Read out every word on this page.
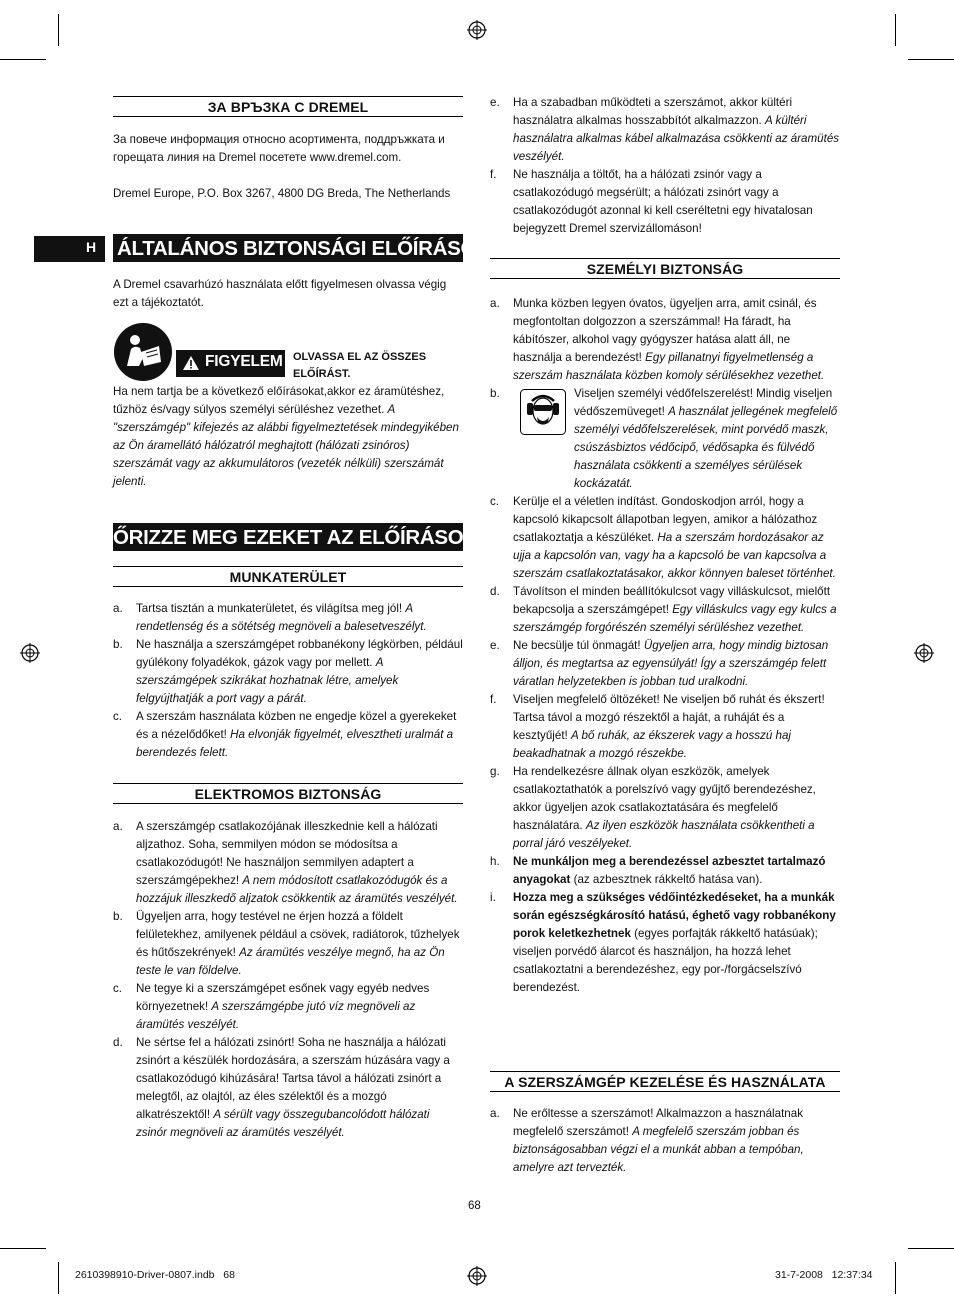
ЗА ВРЪЗКА С DREMEL

За повече информация относно асортимента, поддръжката и горещата линия на Dremel посетете www.dremel.com.

Dremel Europe, P.O. Box 3267, 4800 DG Breda, The Netherlands

H ÁLTALÁNOS BIZTONSÁGI ELŐÍRÁSOK

A Dremel csavarhúzó használata előtt figyelmesen olvassa végig ezt a tájékoztatót.

FIGYELEM OLVASSA EL AZ ÖSSZES ELŐÍRÁST.

Ha nem tartja be a következő előírásokat,akkor ez áramütéshez, tűzhöz és/vagy súlyos személyi sérüléshez vezethet. A "szerszámgép" kifejezés az alábbi figyelmeztetések mindegyikében az Ön áramellátó hálózatról meghajtott (hálózati zsinóros) szerszámát vagy az akkumulátoros (vezeték nélküli) szerszámát jelenti.

ŐRIZZE MEG EZEKET AZ ELŐÍRÁSOKAT
MUNKATERÜLET
a. Tartsa tisztán a munkaterületet, és világítsa meg jól! A rendetlenség és a sötétség megnöveli a balesetveszélyt.

b. Ne használja a szerszámgépet robbanékony légkörben, például gyúlékony folyadékok, gázok vagy por mellett. A szerszámgépek szikrákat hozhatnak létre, amelyek felgyújthatják a port vagy a párát.

c. A szerszám használata közben ne engedje közel a gyerekeket és a nézelődőket! Ha elvonják figyelmét, elvesztheti uralmát a berendezés felett.

ELEKTROMOS BIZTONSÁG
a. A szerszámgép csatlakozójának illeszkednie kell a hálózati aljzathoz. Soha, semmilyen módon se módosítsa a csatlakozódugót! Ne használjon semmilyen adaptert a szerszámgépekhez! A nem módosított csatlakozódugók és a hozzájuk illeszkedő aljzatok csökkentik az áramütés veszélyét.

b. Ügyeljen arra, hogy testével ne érjen hozzá a földelt felületekhez, amilyenek például a csövek, radiátorok, tűzhelyek és hűtőszekrények! Az áramütés veszélye megnő, ha az Ön teste le van földelve.

c. Ne tegye ki a szerszámgépet esőnek vagy egyéb nedves környezetnek! A szerszámgépbe jutó víz megnöveli az áramütés veszélyét.

d. Ne sértse fel a hálózati zsinórt! Soha ne használja a hálózati zsinórt a készülék hordozására, a szerszám húzására vagy a csatlakozódugó kihúzására! Tartsa távol a hálózati zsinórt a melegtől, az olajtól, az éles szélektől és a mozgó alkatrészektől! A sérült vagy összegubancolódott hálózati zsinór megnöveli az áramütés veszélyét.

e. Ha a szabadban működteti a szerszámot, akkor kültéri használatra alkalmas hosszabbítót alkalmazzon. A kültéri használatra alkalmas kábel alkalmazása csökkenti az áramütés veszélyét.

f. Ne használja a töltőt, ha a hálózati zsinór vagy a csatlakozódugó megsérült; a hálózati zsinórt vagy a csatlakozódugót azonnal ki kell cseréltetni egy hivatalosan bejegyzett Dremel szervizállomáson!

SZEMÉLYI BIZTONSÁG
a. Munka közben legyen óvatos, ügyeljen arra, amit csinál, és megfontoltan dolgozzon a szerszámmal! Ha fáradt, ha kábítószer, alkohol vagy gyógyszer hatása alatt áll, ne használja a berendezést! Egy pillanatnyi figyelmetlenség a szerszám használata közben komoly sérülésekhez vezethet.

b.	Viseljen személyi védőfelszerelést! Mindig viseljen védőszemüveget! A használat jellegének megfelelő személyi védőfelszerelések, mint porvédő maszk, csúszásbiztos védőcipő, védősapka és fülvédő használata csökkenti a személyes sérülések kockázatát.

c. Kerülje el a véletlen indítást. Gondoskodjon arról, hogy a kapcsoló kikapcsolt állapotban legyen, amikor a hálózathoz csatlakoztatja a készüléket. Ha a szerszám hordozásakor az ujja a kapcsolón van, vagy ha a kapcsoló be van kapcsolva a szerszám csatlakoztatásakor, akkor könnyen baleset történhet.

d. Távolítson el minden beállítókulcsot vagy villáskulcsot, mielőtt bekapcsolja a szerszámgépet! Egy villáskulcs vagy egy kulcs a szerszámgép forgórészén személyi sérüléshez vezethet.

e. Ne becsülje túl önmagát! Ügyeljen arra, hogy mindig biztosan álljon, és megtartsa az egyensúlyát! Így a szerszámgép felett váratlan helyzetekben is jobban tud uralkodni.

f. Viseljen megfelelő öltözéket! Ne viseljen bő ruhát és ékszert! Tartsa távol a mozgó részektől a haját, a ruháját és a kesztyűjét! A bő ruhák, az ékszerek vagy a hosszú haj beakadhatnak a mozgó részekbe.

g. Ha rendelkezésre állnak olyan eszközök, amelyek csatlakoztathatók a porelszívó vagy gyűjtő berendezéshez, akkor ügyeljen azok csatlakoztatására és megfelelő használatára. Az ilyen eszközök használata csökkentheti a porral járó veszélyeket.

h. Ne munkáljon meg a berendezéssel azbesztet tartalmazó anyagokat (az azbesztnek rákkeltő hatása van).

i. Hozza meg a szükséges védőintézkedéseket, ha a munkák során egészségkárosító hatású, éghető vagy robbanékony porok keletkezhetnek (egyes porfajták rákkeltő hatásúak); viseljen porvédő álarcot és használjon, ha hozzá lehet csatlakoztatni a berendezéshez, egy por-/forgácselszívó berendezést.

A SZERSZÁMGÉP KEZELÉSE ÉS HASZNÁLATA
a. Ne erőltesse a szerszámot! Alkalmazzon a használatnak megfelelő szerszámot! A megfelelő szerszám jobban és biztonságosabban végzi el a munkát abban a tempóban, amelyre azt tervezték.

68
2610398910-Driver-0807.indb   68	31-7-2008   12:37:34
